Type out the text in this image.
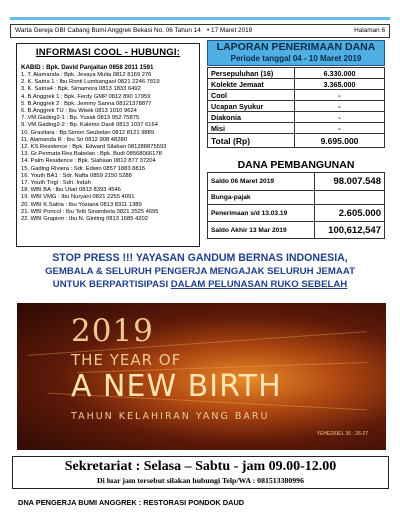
Warta Gereja GBI Cabang Bumi Anggrek Bekasi No. 06 Tahun 14 • 17 Maret 2019	Halaman 6
INFORMASI COOL - HUBUNGI:
KABID : Bpk. David Panjaitan 0858 2011 1591
1. T. Alamanda : Bpk. Jesaya Mulia 0812 8169 276
2. K. Satria 1 : Ibu Ronti Lumbangaol 0821 2246 7819
3. K. Satria4 : Bpk. Simamora 0813 1833 6492
4. B.Anggrek 1 : Bpk. Ferdy GMP 0812 890 17959
5. B.Anggrek 2 : Bpk. Jemmy Sanna 08121378877
6. B.Anggrek TU : Ibu Wiwik 0813 1010 9624
7. VM.Gading2-1 : Bp. Yusak 0813 952 75875
9. VM.Gading2-2 : Bp. Kalemo Daoli 0813 1037 6164
10. Gravitara : Bp.Simon Seubelan 0812 8121 9889
11. Alamanda R : Ibu Sri 0812 908 48280
12. KS Residence : Bpk. Edward Silaban 081288875593
13. Gr.Permata Res.Babelan : Bpk. Budi 08568066178
14. Palm Residence : Bpk. Siahaan 0812 877 37204
15. Gading Riviera : Sdr. Edwin 0857 1883 8815
16. Youth BA1 : Sdr. Nafta 0859 2150 5288
17. Youth Tngl : Sdri. Indah
18. WBI BA : Ibu Utari 0813 8393 4546
19. WBI VMG : Ibu Nuryani 0821 2255 4091
20. WBI K.Satria : Ibu Yosiana 0813 8311 1389
21. WBI Poncol : Ibu Tetti Sinambela 0821 2525 4695
22. WBI Grapirm : Ibu N. Ginting 0813 1685 4202
LAPORAN PENERIMAAN DANA
Periode tanggal 04 - 10 Maret 2019
Persepuluhan (16)	6.330.000
Kolekte Jemaat	3.365.000
Cool	-
Ucapan Syukur	-
Diakonia	-
Misi	-
Total (Rp)	9.695.000
DANA PEMBANGUNAN
Saldo 06 Maret 2019	98.007.548
Bunga-pajak	
Penerimaan s/d 13.03.19	2.605.000
Saldo Akhir 13 Mar 2019	100,612,547
STOP PRESS !!! YAYASAN GANDUM BERNAS INDONESIA,
GEMBALA & SELURUH PENGERJA MENGAJAK SELURUH JEMAAT
UNTUK BERPARTISIPASI DALAM PELUNASAN RUKO SEBELAH
2019
THE YEAR OF
A NEW BIRTH
TAHUN KELAHIRAN YANG BARU
YEHEZKIEL 36 : 26-27
Sekretariat : Selasa – Sabtu - jam 09.00-12.00
Di luar jam tersebut silakan hubungi Telp/WA : 081513380996
DNA PENGERJA BUMI ANGGREK : RESTORASI PONDOK DAUD
